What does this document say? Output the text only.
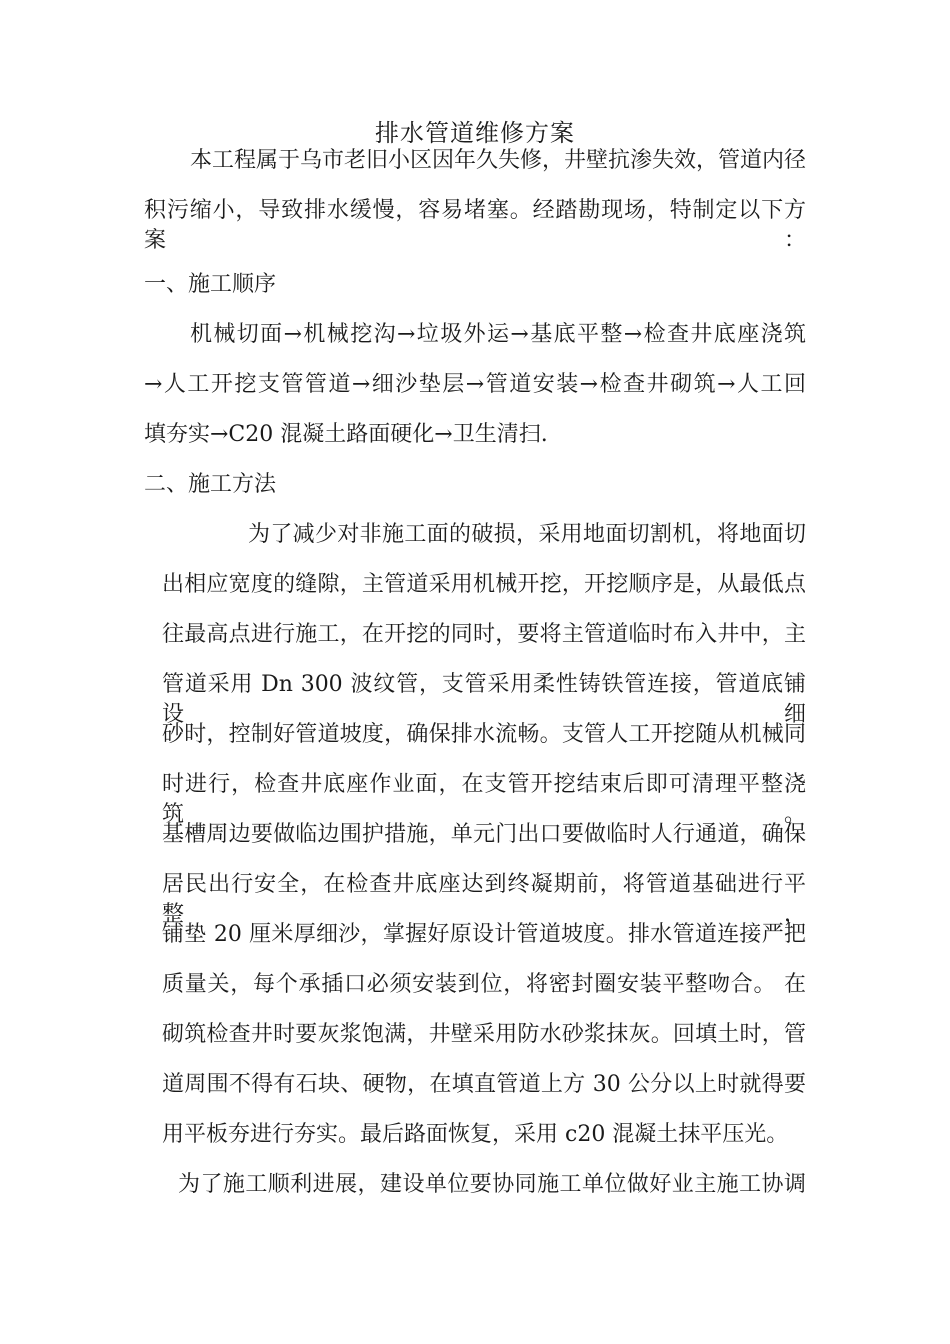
排水管道维修方案
本工程属于乌市老旧小区因年久失修，井壁抗渗失效，管道内径
积污缩小，导致排水缓慢，容易堵塞。经踏勘现场，特制定以下方案：
一、施工顺序
机械切面→机械挖沟→垃圾外运→基底平整→检查井底座浇筑
→人工开挖支管管道→细沙垫层→管道安装→检查井砌筑→人工回
填夯实→C20 混凝土路面硬化→卫生清扫.
二、施工方法
为了减少对非施工面的破损，采用地面切割机，将地面切
出相应宽度的缝隙，主管道采用机械开挖，开挖顺序是，从最低点
往最高点进行施工，在开挖的同时，要将主管道临时布入井中，主
管道采用 Dn 300 波纹管，支管采用柔性铸铁管连接，管道底铺设细
砂时，控制好管道坡度，确保排水流畅。支管人工开挖随从机械同
时进行，检查井底座作业面，在支管开挖结束后即可清理平整浇筑。
基槽周边要做临边围护措施，单元门出口要做临时人行通道，确保
居民出行安全，在检查井底座达到终凝期前，将管道基础进行平整，
铺垫 20 厘米厚细沙，掌握好原设计管道坡度。排水管道连接严把
质量关，每个承插口必须安装到位，将密封圈安装平整吻合。 在
砌筑检查井时要灰浆饱满，井壁采用防水砂浆抹灰。回填土时，管
道周围不得有石块、硬物，在填直管道上方 30 公分以上时就得要
用平板夯进行夯实。最后路面恢复，采用 c20 混凝土抹平压光。
为了施工顺利进展，建设单位要协同施工单位做好业主施工协调
